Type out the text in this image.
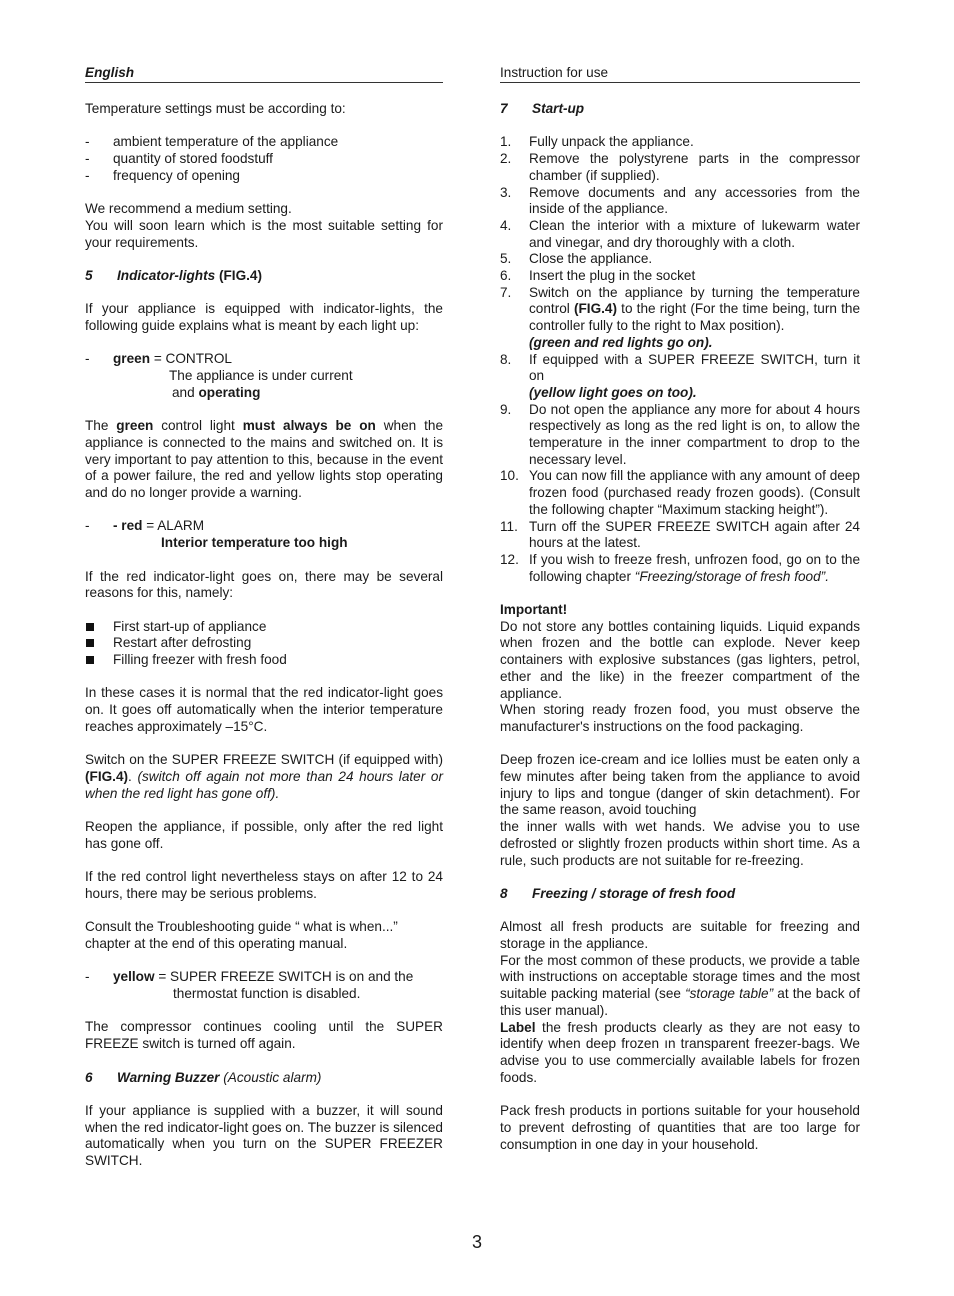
English

Temperature settings must be according to:

- ambient temperature of the appliance

- quantity of stored foodstuff

- frequency of opening

We recommend a medium setting.

You will soon learn which is the most suitable setting for your requirements.

5 Indicator-lights (FIG.4)

If your appliance is equipped with indicator-lights, the following guide explains what is meant by each light up:

- green = CONTROL

The appliance is under current

and operating

The green control light must always be on when the appliance is connected to the mains and switched on. It is very important to pay attention to this, because in the event of a power failure, the red and yellow lights stop operating and do no longer provide a warning.

- - red = ALARM

Interior temperature too high

If the red indicator-light goes on, there may be several reasons for this, namely:

First start-up of appliance

Restart after defrosting

Filling freezer with fresh food

In these cases it is normal that the red indicator-light goes on. It goes off automatically when the interior temperature reaches approximately –15°C.

Switch on the SUPER FREEZE SWITCH (if equipped with) (FIG.4). (switch off again not more than 24 hours later or when the red light has gone off).

Reopen the appliance, if possible, only after the red light has gone off.

If the red control light nevertheless stays on after 12 to 24 hours, there may be serious problems.

Consult the Troubleshooting guide “ what is when...”

chapter at the end of this operating manual.

- yellow = SUPER FREEZE SWITCH is on and the

thermostat function is disabled.

The compressor continues cooling until the SUPER FREEZE switch is turned off again.

6 Warning Buzzer (Acoustic alarm)

If your appliance is supplied with a buzzer, it will sound when the red indicator-light goes on. The buzzer is silenced automatically when you turn on the SUPER FREEZER SWITCH.

Instruction for use

7 Start-up

1. Fully unpack the appliance.
2. Remove the polystyrene parts in the compressor chamber (if supplied).
3. Remove documents and any accessories from the inside of the appliance.
4. Clean the interior with a mixture of lukewarm water and vinegar, and dry thoroughly with a cloth.
5. Close the appliance.
6. Insert the plug in the socket
7. Switch on the appliance by turning the temperature control (FIG.4) to the right (For the time being, turn the controller fully to the right to Max position).
(green and red lights go on).
8. If equipped with a SUPER FREEZE SWITCH, turn it on
(yellow light goes on too).
9. Do not open the appliance any more for about 4 hours respectively as long as the red light is on, to allow the temperature in the inner compartment to drop to the necessary level.
10. You can now fill the appliance with any amount of deep frozen food (purchased ready frozen goods). (Consult the following chapter “Maximum stacking height”).
11. Turn off the SUPER FREEZE SWITCH again after 24 hours at the latest.
12. If you wish to freeze fresh, unfrozen food, go on to the following chapter “Freezing/storage of fresh food”.

Important!

Do not store any bottles containing liquids. Liquid expands when frozen and the bottle can explode. Never keep containers with explosive substances (gas lighters, petrol, ether and the like) in the freezer compartment of the appliance.

When storing ready frozen food, you must observe the manufacturer's instructions on the food packaging.

Deep frozen ice-cream and ice lollies must be eaten only a few minutes after being taken from the appliance to avoid injury to lips and tongue (danger of skin detachment). For the same reason, avoid touching

the inner walls with wet hands. We advise you to use defrosted or slightly frozen products within short time. As a rule, such products are not suitable for re-freezing.

8 Freezing / storage of fresh food

Almost all fresh products are suitable for freezing and storage in the appliance.

For the most common of these products, we provide a table with instructions on acceptable storage times and the most suitable packing material (see “storage table” at the back of this user manual).

Label the fresh products clearly as they are not easy to identify when deep frozen ın transparent freezer-bags. We advise you to use commercially available labels for frozen foods.

Pack fresh products in portions suitable for your household to prevent defrosting of quantities that are too large for consumption in one day in your household.

3
